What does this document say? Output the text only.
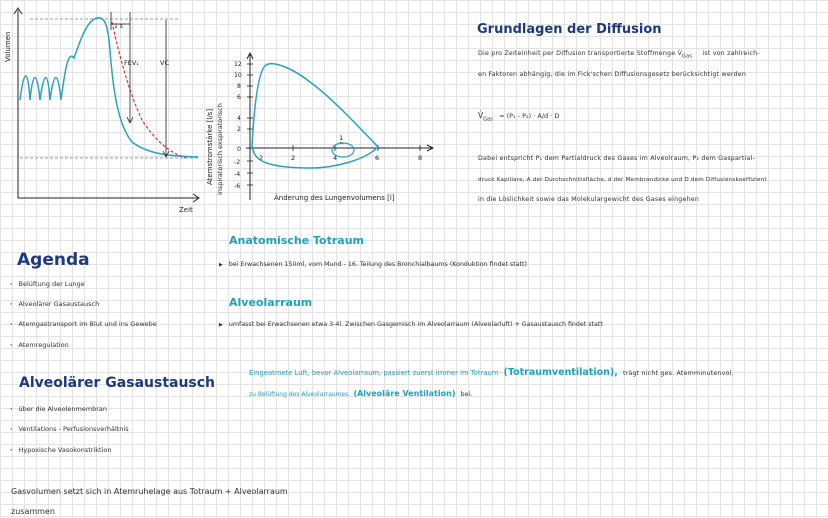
1 s
FEV₁	VC
Volumen
Zeit
Atemstromstärke [l/s] inspiratorisch exspiratorisch
12
10
8
6
4
2
0
-2
-4
-6
2	2	4	6	8
1
Änderung des Lungenvolumens [l]
Grundlagen der Diffusion
Die pro Zeiteinheit per Diffusion transportierte Stoffmenge $V̇_{Gas}$ ist von zahlreich-
en Faktoren abhängig, die im Fick'schen Diffusionsgesetz berücksichtigt werden
$V̇_{Gas} = (P_1 - P_2) \cdot A/d \cdot D$
Dabei entspricht P₁ dem Partialdruck des Gases im Alveolraum, P₂ dem Gaspartial-
druck Kapillare, A der Durchschnittsfläche, d der Membrandicke und D dem Diffusionskoeffizient
in die Löslichkeit sowie das Molekulargewicht des Gases eingehen
Anatomische Totraum
▶ bei Erwachsenen 150ml, vom Mund - 16. Teilung des Bronchialbaums (Konduktion findet statt)
Alveolarraum
▶ umfasst bei Erwachsenen etwa 3-4l. Zwischen Gasgemisch im Alveolarraum (Alveolarluft) + Gasaustausch findet statt
Eingeatmete Luft, bevor Alveolarraum, passiert zuerst immer im Totraum (Totraumventilation), trägt nicht ges. Atemminutenvol.
zu Belüftung des Alveolarraumes (Alveoläre Ventilation) bei.
Agenda
· Belüftung der Lunge
· Alveolärer Gasaustausch
· Atemgastransport im Blut und ins Gewebe
· Atemregulation
Alveolärer Gasaustausch
· über die Alveolenmembran
· Ventilations - Perfusionsverhältnis
· Hypoxische Vasokonstriktion
Gasvolumen setzt sich in Atemruhelage aus Totraum + Alveolarraum
zusammen
